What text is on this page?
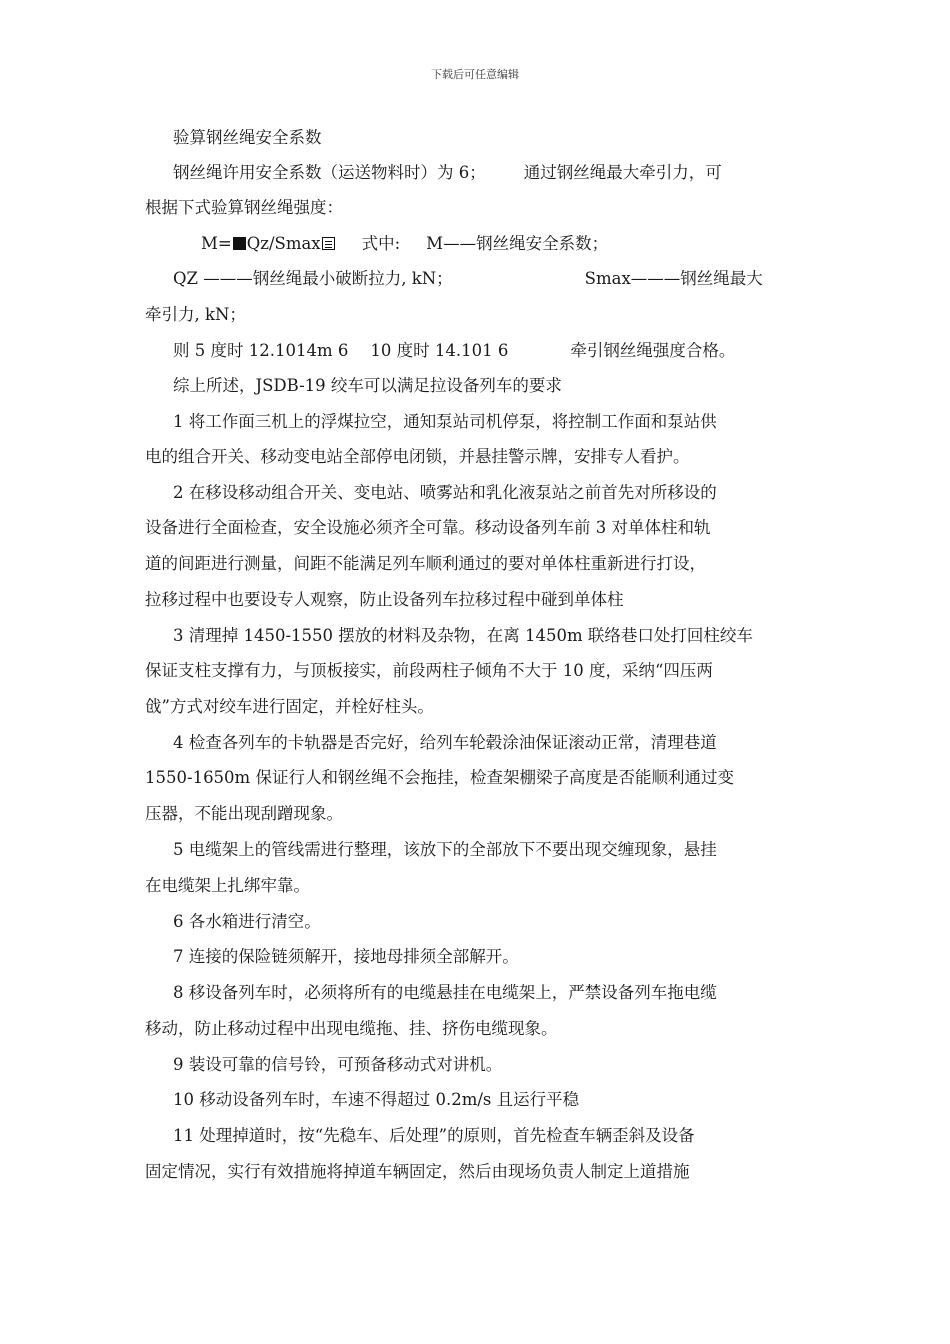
下载后可任意编辑
验算钢丝绳安全系数
钢丝绳许用安全系数（运送物料时）为 6； 通过钢丝绳最大牵引力，可
根据下式验算钢丝绳强度：
M= Qz/Smax 式中: M——钢丝绳安全系数；
QZ ———钢丝绳最小破断拉力, kN；	Smax———钢丝绳最大
牵引力, kN；
则 5 度时 12.1014m 6 10 度时 14.101 6	牵引钢丝绳强度合格。
综上所述，JSDB-19 绞车可以满足拉设备列车的要求
1 将工作面三机上的浮煤拉空，通知泵站司机停泵，将控制工作面和泵站供
电的组合开关、移动变电站全部停电闭锁，并悬挂警示牌，安排专人看护。
2 在移设移动组合开关、变电站、喷雾站和乳化液泵站之前首先对所移设的
设备进行全面检查，安全设施必须齐全可靠。移动设备列车前 3 对单体柱和轨
道的间距进行测量，间距不能满足列车顺利通过的要对单体柱重新进行打设，
拉移过程中也要设专人观察，防止设备列车拉移过程中碰到单体柱
3 清理掉 1450-1550 摆放的材料及杂物，在离 1450m 联络巷口处打回柱绞车
保证支柱支撑有力，与顶板接实，前段两柱子倾角不大于 10 度，采纳“四压两
戗”方式对绞车进行固定，并栓好柱头。
4 检查各列车的卡轨器是否完好，给列车轮毂涂油保证滚动正常，清理巷道
1550-1650m 保证行人和钢丝绳不会拖挂，检查架棚梁子高度是否能顺利通过变
压器，不能出现刮蹭现象。
5 电缆架上的管线需进行整理，该放下的全部放下不要出现交缠现象，悬挂
在电缆架上扎绑牢靠。
6 各水箱进行清空。
7 连接的保险链须解开，接地母排须全部解开。
8 移设备列车时，必须将所有的电缆悬挂在电缆架上，严禁设备列车拖电缆
移动，防止移动过程中出现电缆拖、挂、挤伤电缆现象。
9 装设可靠的信号铃，可预备移动式对讲机。
10 移动设备列车时，车速不得超过 0.2m/s 且运行平稳
11 处理掉道时，按“先稳车、后处理”的原则，首先检查车辆歪斜及设备
固定情况，实行有效措施将掉道车辆固定，然后由现场负责人制定上道措施
